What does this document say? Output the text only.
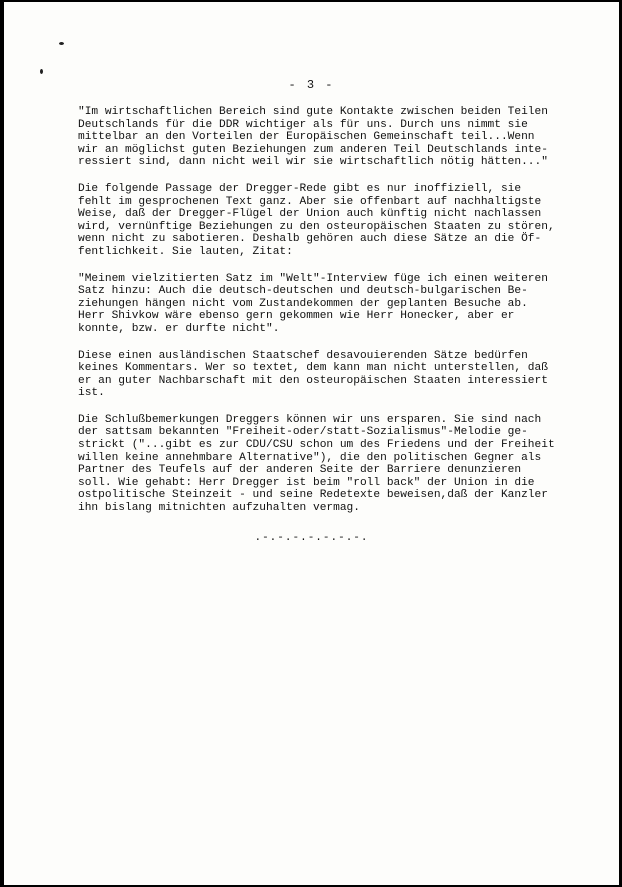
- 3 -

"Im wirtschaftlichen Bereich sind gute Kontakte zwischen beiden Teilen
Deutschlands für die DDR wichtiger als für uns. Durch uns nimmt sie
mittelbar an den Vorteilen der Europäischen Gemeinschaft teil...Wenn
wir an möglichst guten Beziehungen zum anderen Teil Deutschlands inte-
ressiert sind, dann nicht weil wir sie wirtschaftlich nötig hätten..."

Die folgende Passage der Dregger-Rede gibt es nur inoffiziell, sie
fehlt im gesprochenen Text ganz. Aber sie offenbart auf nachhaltigste
Weise, daß der Dregger-Flügel der Union auch künftig nicht nachlassen
wird, vernünftige Beziehungen zu den osteuropäischen Staaten zu stören,
wenn nicht zu sabotieren. Deshalb gehören auch diese Sätze an die Öf-
fentlichkeit. Sie lauten, Zitat:

"Meinem vielzitierten Satz im "Welt"-Interview füge ich einen weiteren
Satz hinzu: Auch die deutsch-deutschen und deutsch-bulgarischen Be-
ziehungen hängen nicht vom Zustandekommen der geplanten Besuche ab.
Herr Shivkow wäre ebenso gern gekommen wie Herr Honecker, aber er
konnte, bzw. er durfte nicht".

Diese einen ausländischen Staatschef desavouierenden Sätze bedürfen
keines Kommentars. Wer so textet, dem kann man nicht unterstellen, daß
er an guter Nachbarschaft mit den osteuropäischen Staaten interessiert
ist.

Die Schlußbemerkungen Dreggers können wir uns ersparen. Sie sind nach
der sattsam bekannten "Freiheit-oder/statt-Sozialismus"-Melodie ge-
strickt ("...gibt es zur CDU/CSU schon um des Friedens und der Freiheit
willen keine annehmbare Alternative"), die den politischen Gegner als
Partner des Teufels auf der anderen Seite der Barriere denunzieren
soll. Wie gehabt: Herr Dregger ist beim "roll back" der Union in die
ostpolitische Steinzeit - und seine Redetexte beweisen,daß der Kanzler
ihn bislang mitnichten aufzuhalten vermag.

.-.-.-.-.-.-.-.
